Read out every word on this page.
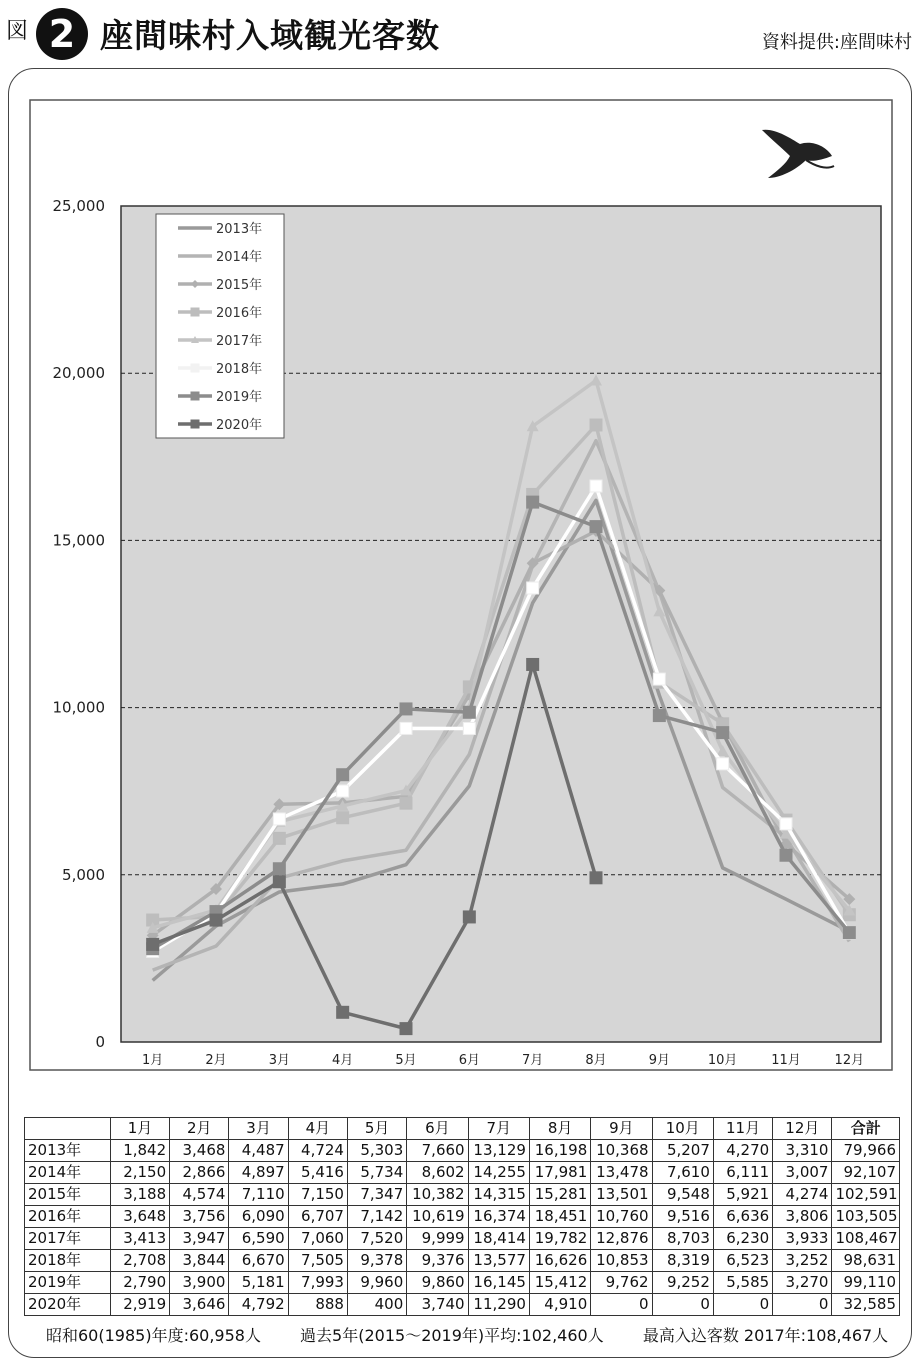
図 2 座間味村入域観光客数	資料提供:座間味村
0
5,000
10,000
15,000
20,000
25,000
1月	2月	3月	4月	5月	6月	7月	8月	9月	10月	11月	12月
2013年
2014年
2015年
2016年
2017年
2018年
2019年
2020年
	1月	2月	3月	4月	5月	6月	7月	8月	9月	10月	11月	12月	合計
2013年	1,842	3,468	4,487	4,724	5,303	7,660	13,129	16,198	10,368	5,207	4,270	3,310	79,966
2014年	2,150	2,866	4,897	5,416	5,734	8,602	14,255	17,981	13,478	7,610	6,111	3,007	92,107
2015年	3,188	4,574	7,110	7,150	7,347	10,382	14,315	15,281	13,501	9,548	5,921	4,274	102,591
2016年	3,648	3,756	6,090	6,707	7,142	10,619	16,374	18,451	10,760	9,516	6,636	3,806	103,505
2017年	3,413	3,947	6,590	7,060	7,520	9,999	18,414	19,782	12,876	8,703	6,230	3,933	108,467
2018年	2,708	3,844	6,670	7,505	9,378	9,376	13,577	16,626	10,853	8,319	6,523	3,252	98,631
2019年	2,790	3,900	5,181	7,993	9,960	9,860	16,145	15,412	9,762	9,252	5,585	3,270	99,110
2020年	2,919	3,646	4,792	888	400	3,740	11,290	4,910	0	0	0	0	32,585
昭和60(1985)年度:60,958人 過去5年(2015〜2019年)平均:102,460人 最高入込客数 2017年:108,467人
